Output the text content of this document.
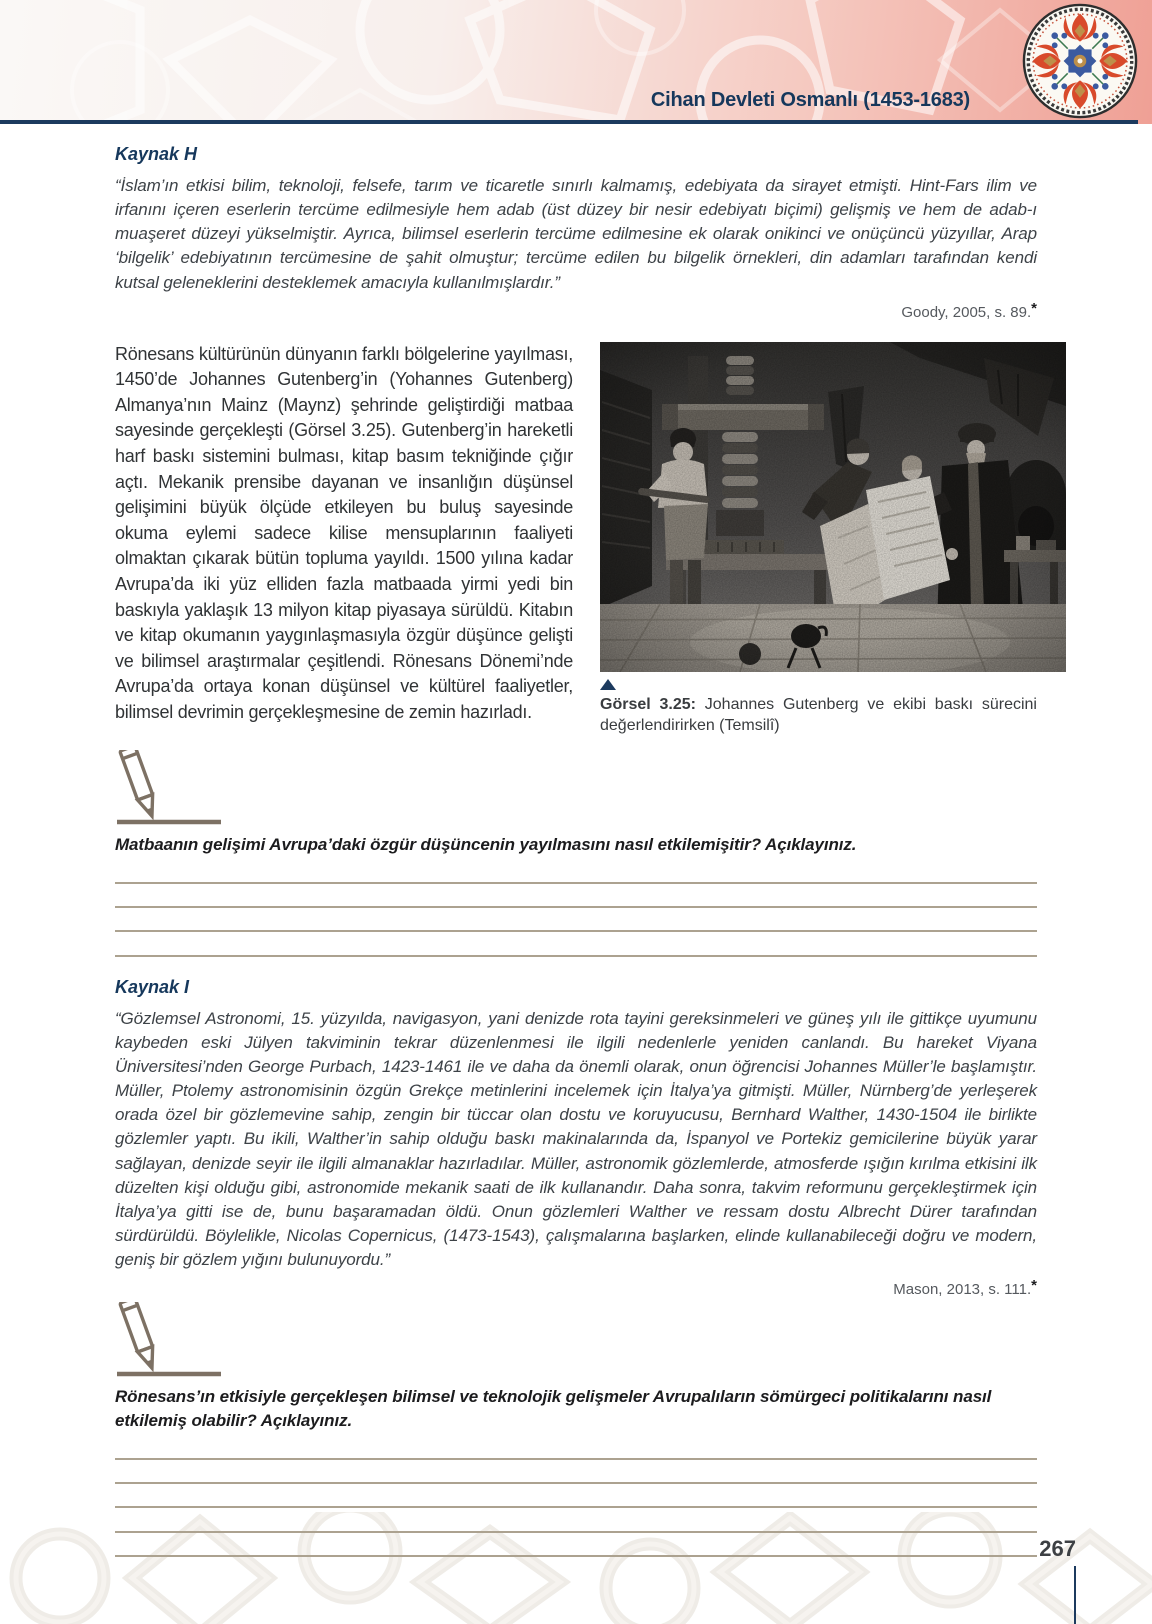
Cihan Devleti Osmanlı (1453-1683)
Kaynak H
“İslam’ın etkisi bilim, teknoloji, felsefe, tarım ve ticaretle sınırlı kalmamış, edebiyata da sirayet etmişti. Hint-Fars ilim ve irfanını içeren eserlerin tercüme edilmesiyle hem adab (üst düzey bir nesir edebiyatı biçimi) gelişmiş ve hem de adab-ı muaşeret düzeyi yükselmiştir. Ayrıca, bilimsel eserlerin tercüme edilmesine ek olarak onikinci ve onüçüncü yüzyıllar, Arap ‘bilgelik’ edebiyatının tercümesine de şahit olmuştur; tercüme edilen bu bilgelik örnekleri, din adamları tarafından kendi kutsal geleneklerini desteklemek amacıyla kullanılmışlardır.”
Goody, 2005, s. 89.*
Rönesans kültürünün dünyanın farklı bölgelerine yayılması, 1450’de Johannes Gutenberg’in (Yohannes Gutenberg) Almanya’nın Mainz (Maynz) şehrinde geliştirdiği matbaa sayesinde gerçekleşti (Görsel 3.25). Gutenberg’in hareketli harf baskı sistemini bulması, kitap basım tekniğinde çığır açtı. Mekanik prensibe dayanan ve insanlığın düşünsel gelişimini büyük ölçüde etkileyen bu buluş sayesinde okuma eylemi sadece kilise mensuplarının faaliyeti olmaktan çıkarak bütün topluma yayıldı. 1500 yılına kadar Avrupa’da iki yüz elliden fazla matbaada yirmi yedi bin baskıyla yaklaşık 13 milyon kitap piyasaya sürüldü. Kitabın ve kitap okumanın yaygınlaşmasıyla özgür düşünce gelişti ve bilimsel araştırmalar çeşitlendi. Rönesans Dönemi’nde Avrupa’da ortaya konan düşünsel ve kültürel faaliyetler, bilimsel devrimin gerçekleşmesine de zemin hazırladı.	Görsel 3.25: Johannes Gutenberg ve ekibi baskı sürecini değerlendirirken (Temsilî)
Matbaanın gelişimi Avrupa’daki özgür düşüncenin yayılmasını nasıl etkilemişitir? Açıklayınız.
Kaynak I
“Gözlemsel Astronomi, 15. yüzyılda, navigasyon, yani denizde rota tayini gereksinmeleri ve güneş yılı ile gittikçe uyumunu kaybeden eski Jülyen takviminin tekrar düzenlenmesi ile ilgili nedenlerle yeniden canlandı. Bu hareket Viyana Üniversitesi’nden George Purbach, 1423-1461 ile ve daha da önemli olarak, onun öğrencisi Johannes Müller’le başlamıştır. Müller, Ptolemy astronomisinin özgün Grekçe metinlerini incelemek için İtalya’ya gitmişti. Müller, Nürnberg’de yerleşerek orada özel bir gözlemevine sahip, zengin bir tüccar olan dostu ve koruyucusu, Bernhard Walther, 1430-1504 ile birlikte gözlemler yaptı. Bu ikili, Walther’in sahip olduğu baskı makinalarında da, İspanyol ve Portekiz gemicilerine büyük yarar sağlayan, denizde seyir ile ilgili almanaklar hazırladılar. Müller, astronomik gözlemlerde, atmosferde ışığın kırılma etkisini ilk düzelten kişi olduğu gibi, astronomide mekanik saati de ilk kullanandır. Daha sonra, takvim reformunu gerçekleştirmek için İtalya’ya gitti ise de, bunu başaramadan öldü. Onun gözlemleri Walther ve ressam dostu Albrecht Dürer tarafından sürdürüldü. Böylelikle, Nicolas Copernicus, (1473-1543), çalışmalarına başlarken, elinde kullanabileceği doğru ve modern, geniş bir gözlem yığını bulunuyordu.”
Mason, 2013, s. 111.*
Rönesans’ın etkisiyle gerçekleşen bilimsel ve teknolojik gelişmeler Avrupalıların sömürgeci politikalarını nasıl etkilemiş olabilir? Açıklayınız.
267
